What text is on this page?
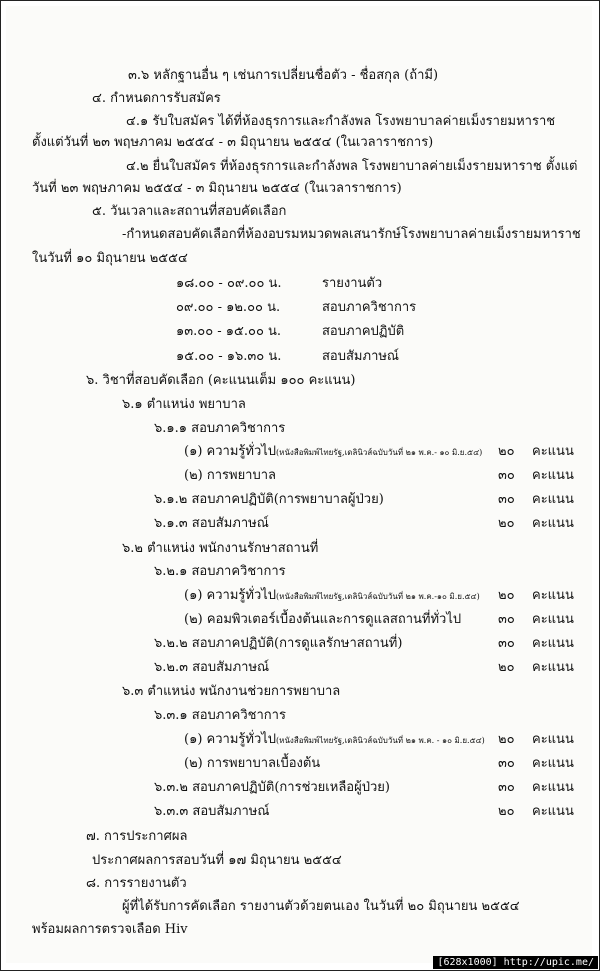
๓.๖ หลักฐานอื่น ๆ เช่นการเปลี่ยนชื่อตัว - ชื่อสกุล (ถ้ามี)
๔. กำหนดการรับสมัคร
๔.๑ รับใบสมัคร ได้ที่ห้องธุรการและกำลังพล โรงพยาบาลค่ายเม็งรายมหาราช
ตั้งแต่วันที่ ๒๓ พฤษภาคม ๒๕๕๔ - ๓ มิถุนายน ๒๕๕๔ (ในเวลาราชการ)
๔.๒ ยื่นใบสมัคร ที่ห้องธุรการและกำลังพล โรงพยาบาลค่ายเม็งรายมหาราช ตั้งแต่
วันที่ ๒๓ พฤษภาคม ๒๕๕๔ - ๓ มิถุนายน ๒๕๕๔ (ในเวลาราชการ)
๕. วันเวลาและสถานที่สอบคัดเลือก
-กำหนดสอบคัดเลือกที่ห้องอบรมหมวดพลเสนารักษ์โรงพยาบาลค่ายเม็งรายมหาราช
ในวันที่ ๑๐ มิถุนายน ๒๕๕๔
๑๘.๐๐ - ๐๙.๐๐ น.	รายงานตัว
๐๙.๐๐ - ๑๒.๐๐ น.	สอบภาควิชาการ
๑๓.๐๐ - ๑๕.๐๐ น.	สอบภาคปฏิบัติ
๑๕.๐๐ - ๑๖.๓๐ น.	สอบสัมภาษณ์
๖. วิชาที่สอบคัดเลือก (คะแนนเต็ม ๑๐๐ คะแนน)
๖.๑ ตำแหน่ง พยาบาล
๖.๑.๑ สอบภาควิชาการ
(๑) ความรู้ทั่วไป(หนังสือพิมพ์ไทยรัฐ,เดลินิวส์ฉบับวันที่ ๒๑ พ.ค.- ๑๐ มิ.ย.๕๔) ๒๐ คะแนน
(๒) การพยาบาล	๓๐ คะแนน
๖.๑.๒ สอบภาคปฏิบัติ(การพยาบาลผู้ป่วย)	๓๐ คะแนน
๖.๑.๓ สอบสัมภาษณ์	๒๐ คะแนน
๖.๒ ตำแหน่ง พนักงานรักษาสถานที่
๖.๒.๑ สอบภาควิชาการ
(๑) ความรู้ทั่วไป(หนังสือพิมพ์ไทยรัฐ,เดลินิวส์ฉบับวันที่ ๒๑ พ.ค.-๑๐ มิ.ย.๕๔) ๒๐ คะแนน
(๒) คอมพิวเตอร์เบื้องต้นและการดูแลสถานที่ทั่วไป	๓๐ คะแนน
๖.๒.๒ สอบภาคปฏิบัติ(การดูแลรักษาสถานที่)	๓๐ คะแนน
๖.๒.๓ สอบสัมภาษณ์	๒๐ คะแนน
๖.๓ ตำแหน่ง พนักงานช่วยการพยาบาล
๖.๓.๑ สอบภาควิชาการ
(๑) ความรู้ทั่วไป(หนังสือพิมพ์ไทยรัฐ,เดลินิวส์ฉบับวันที่ ๒๑ พ.ค. - ๑๐ มิ.ย.๕๔) ๒๐ คะแนน
(๒) การพยาบาลเบื้องต้น	๓๐ คะแนน
๖.๓.๒ สอบภาคปฏิบัติ(การช่วยเหลือผู้ป่วย)	๓๐ คะแนน
๖.๓.๓ สอบสัมภาษณ์	๒๐ คะแนน
๗. การประกาศผล
ประกาศผลการสอบวันที่ ๑๗ มิถุนายน ๒๕๕๔
๘. การรายงานตัว
ผู้ที่ได้รับการคัดเลือก รายงานตัวด้วยตนเอง ในวันที่ ๒๐ มิถุนายน ๒๕๕๔
พร้อมผลการตรวจเลือด Hiv
[628x1000] http://upic.me/
